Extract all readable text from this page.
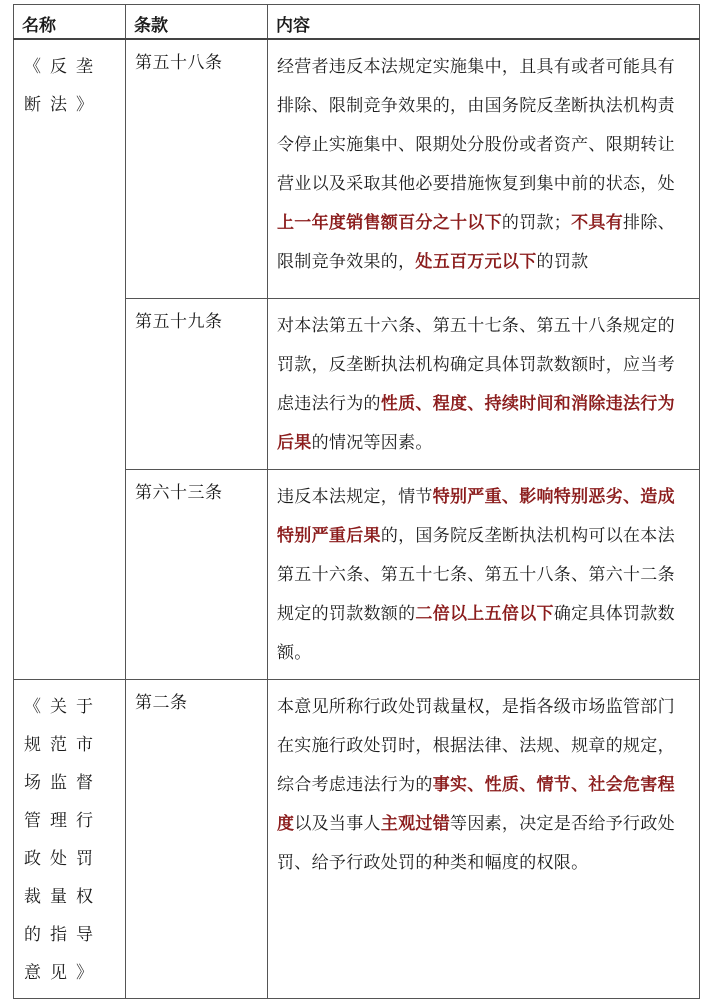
名称	条款	内容
《反垄断法》	第五十八条	经营者违反本法规定实施集中，且具有或者可能具有排除、限制竞争效果的，由国务院反垄断执法机构责令停止实施集中、限期处分股份或者资产、限期转让营业以及采取其他必要措施恢复到集中前的状态，处上一年度销售额百分之十以下的罚款；不具有排除、限制竞争效果的，处五百万元以下的罚款
	第五十九条	对本法第五十六条、第五十七条、第五十八条规定的罚款，反垄断执法机构确定具体罚款数额时，应当考虑违法行为的性质、程度、持续时间和消除违法行为后果的情况等因素。
	第六十三条	违反本法规定，情节特别严重、影响特别恶劣、造成特别严重后果的，国务院反垄断执法机构可以在本法第五十六条、第五十七条、第五十八条、第六十二条规定的罚款数额的二倍以上五倍以下确定具体罚款数额。
《关于规范市场监督管理行政处罚裁量权的指导意见》	第二条	本意见所称行政处罚裁量权，是指各级市场监管部门在实施行政处罚时，根据法律、法规、规章的规定，综合考虑违法行为的事实、性质、情节、社会危害程度以及当事人主观过错等因素，决定是否给予行政处罚、给予行政处罚的种类和幅度的权限。
